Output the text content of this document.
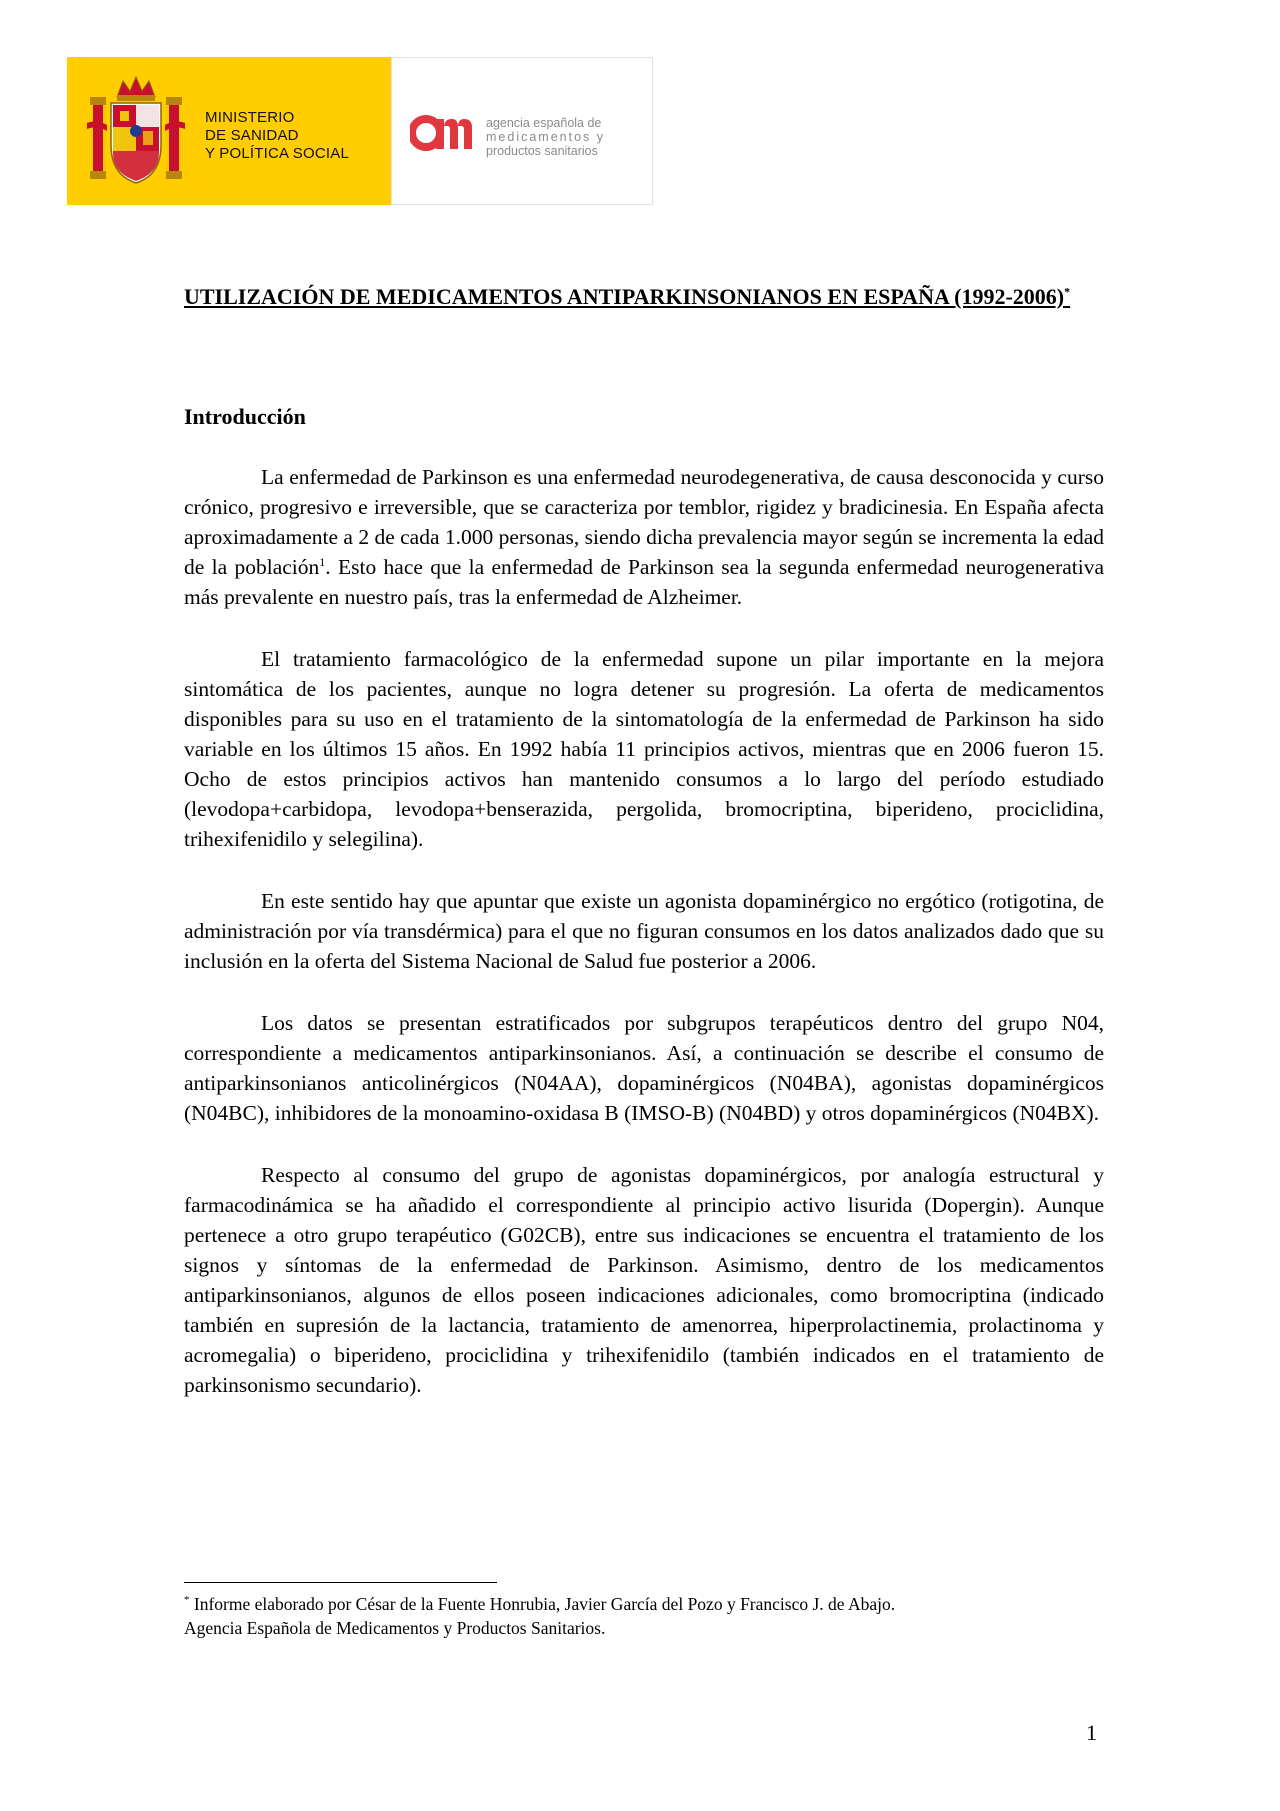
MINISTERIO
DE SANIDAD
Y POLÍTICA SOCIAL
agencia española de
medicamentos y
productos sanitarios
UTILIZACIÓN DE MEDICAMENTOS ANTIPARKINSONIANOS EN ESPAÑA (1992-2006)*
Introducción

La enfermedad de Parkinson es una enfermedad neurodegenerativa, de causa desconocida y curso crónico, progresivo e irreversible, que se caracteriza por temblor, rigidez y bradicinesia. En España afecta aproximadamente a 2 de cada 1.000 personas, siendo dicha prevalencia mayor según se incrementa la edad de la población$^1$. Esto hace que la enfermedad de Parkinson sea la segunda enfermedad neurogenerativa más prevalente en nuestro país, tras la enfermedad de Alzheimer.

El tratamiento farmacológico de la enfermedad supone un pilar importante en la mejora sintomática de los pacientes, aunque no logra detener su progresión. La oferta de medicamentos disponibles para su uso en el tratamiento de la sintomatología de la enfermedad de Parkinson ha sido variable en los últimos 15 años. En 1992 había 11 principios activos, mientras que en 2006 fueron 15. Ocho de estos principios activos han mantenido consumos a lo largo del período estudiado (levodopa+carbidopa, levodopa+benserazida, pergolida, bromocriptina, biperideno, prociclidina, trihexifenidilo y selegilina).

En este sentido hay que apuntar que existe un agonista dopaminérgico no ergótico (rotigotina, de administración por vía transdérmica) para el que no figuran consumos en los datos analizados dado que su inclusión en la oferta del Sistema Nacional de Salud fue posterior a 2006.

Los datos se presentan estratificados por subgrupos terapéuticos dentro del grupo N04, correspondiente a medicamentos antiparkinsonianos. Así, a continuación se describe el consumo de antiparkinsonianos anticolinérgicos (N04AA), dopaminérgicos (N04BA), agonistas dopaminérgicos (N04BC), inhibidores de la monoamino-oxidasa B (IMSO-B) (N04BD) y otros dopaminérgicos (N04BX).

Respecto al consumo del grupo de agonistas dopaminérgicos, por analogía estructural y farmacodinámica se ha añadido el correspondiente al principio activo lisurida (Dopergin). Aunque pertenece a otro grupo terapéutico (G02CB), entre sus indicaciones se encuentra el tratamiento de los signos y síntomas de la enfermedad de Parkinson. Asimismo, dentro de los medicamentos antiparkinsonianos, algunos de ellos poseen indicaciones adicionales, como bromocriptina (indicado también en supresión de la lactancia, tratamiento de amenorrea, hiperprolactinemia, prolactinoma y acromegalia) o biperideno, prociclidina y trihexifenidilo (también indicados en el tratamiento de parkinsonismo secundario).

* Informe elaborado por César de la Fuente Honrubia, Javier García del Pozo y Francisco J. de Abajo.
Agencia Española de Medicamentos y Productos Sanitarios.
1
